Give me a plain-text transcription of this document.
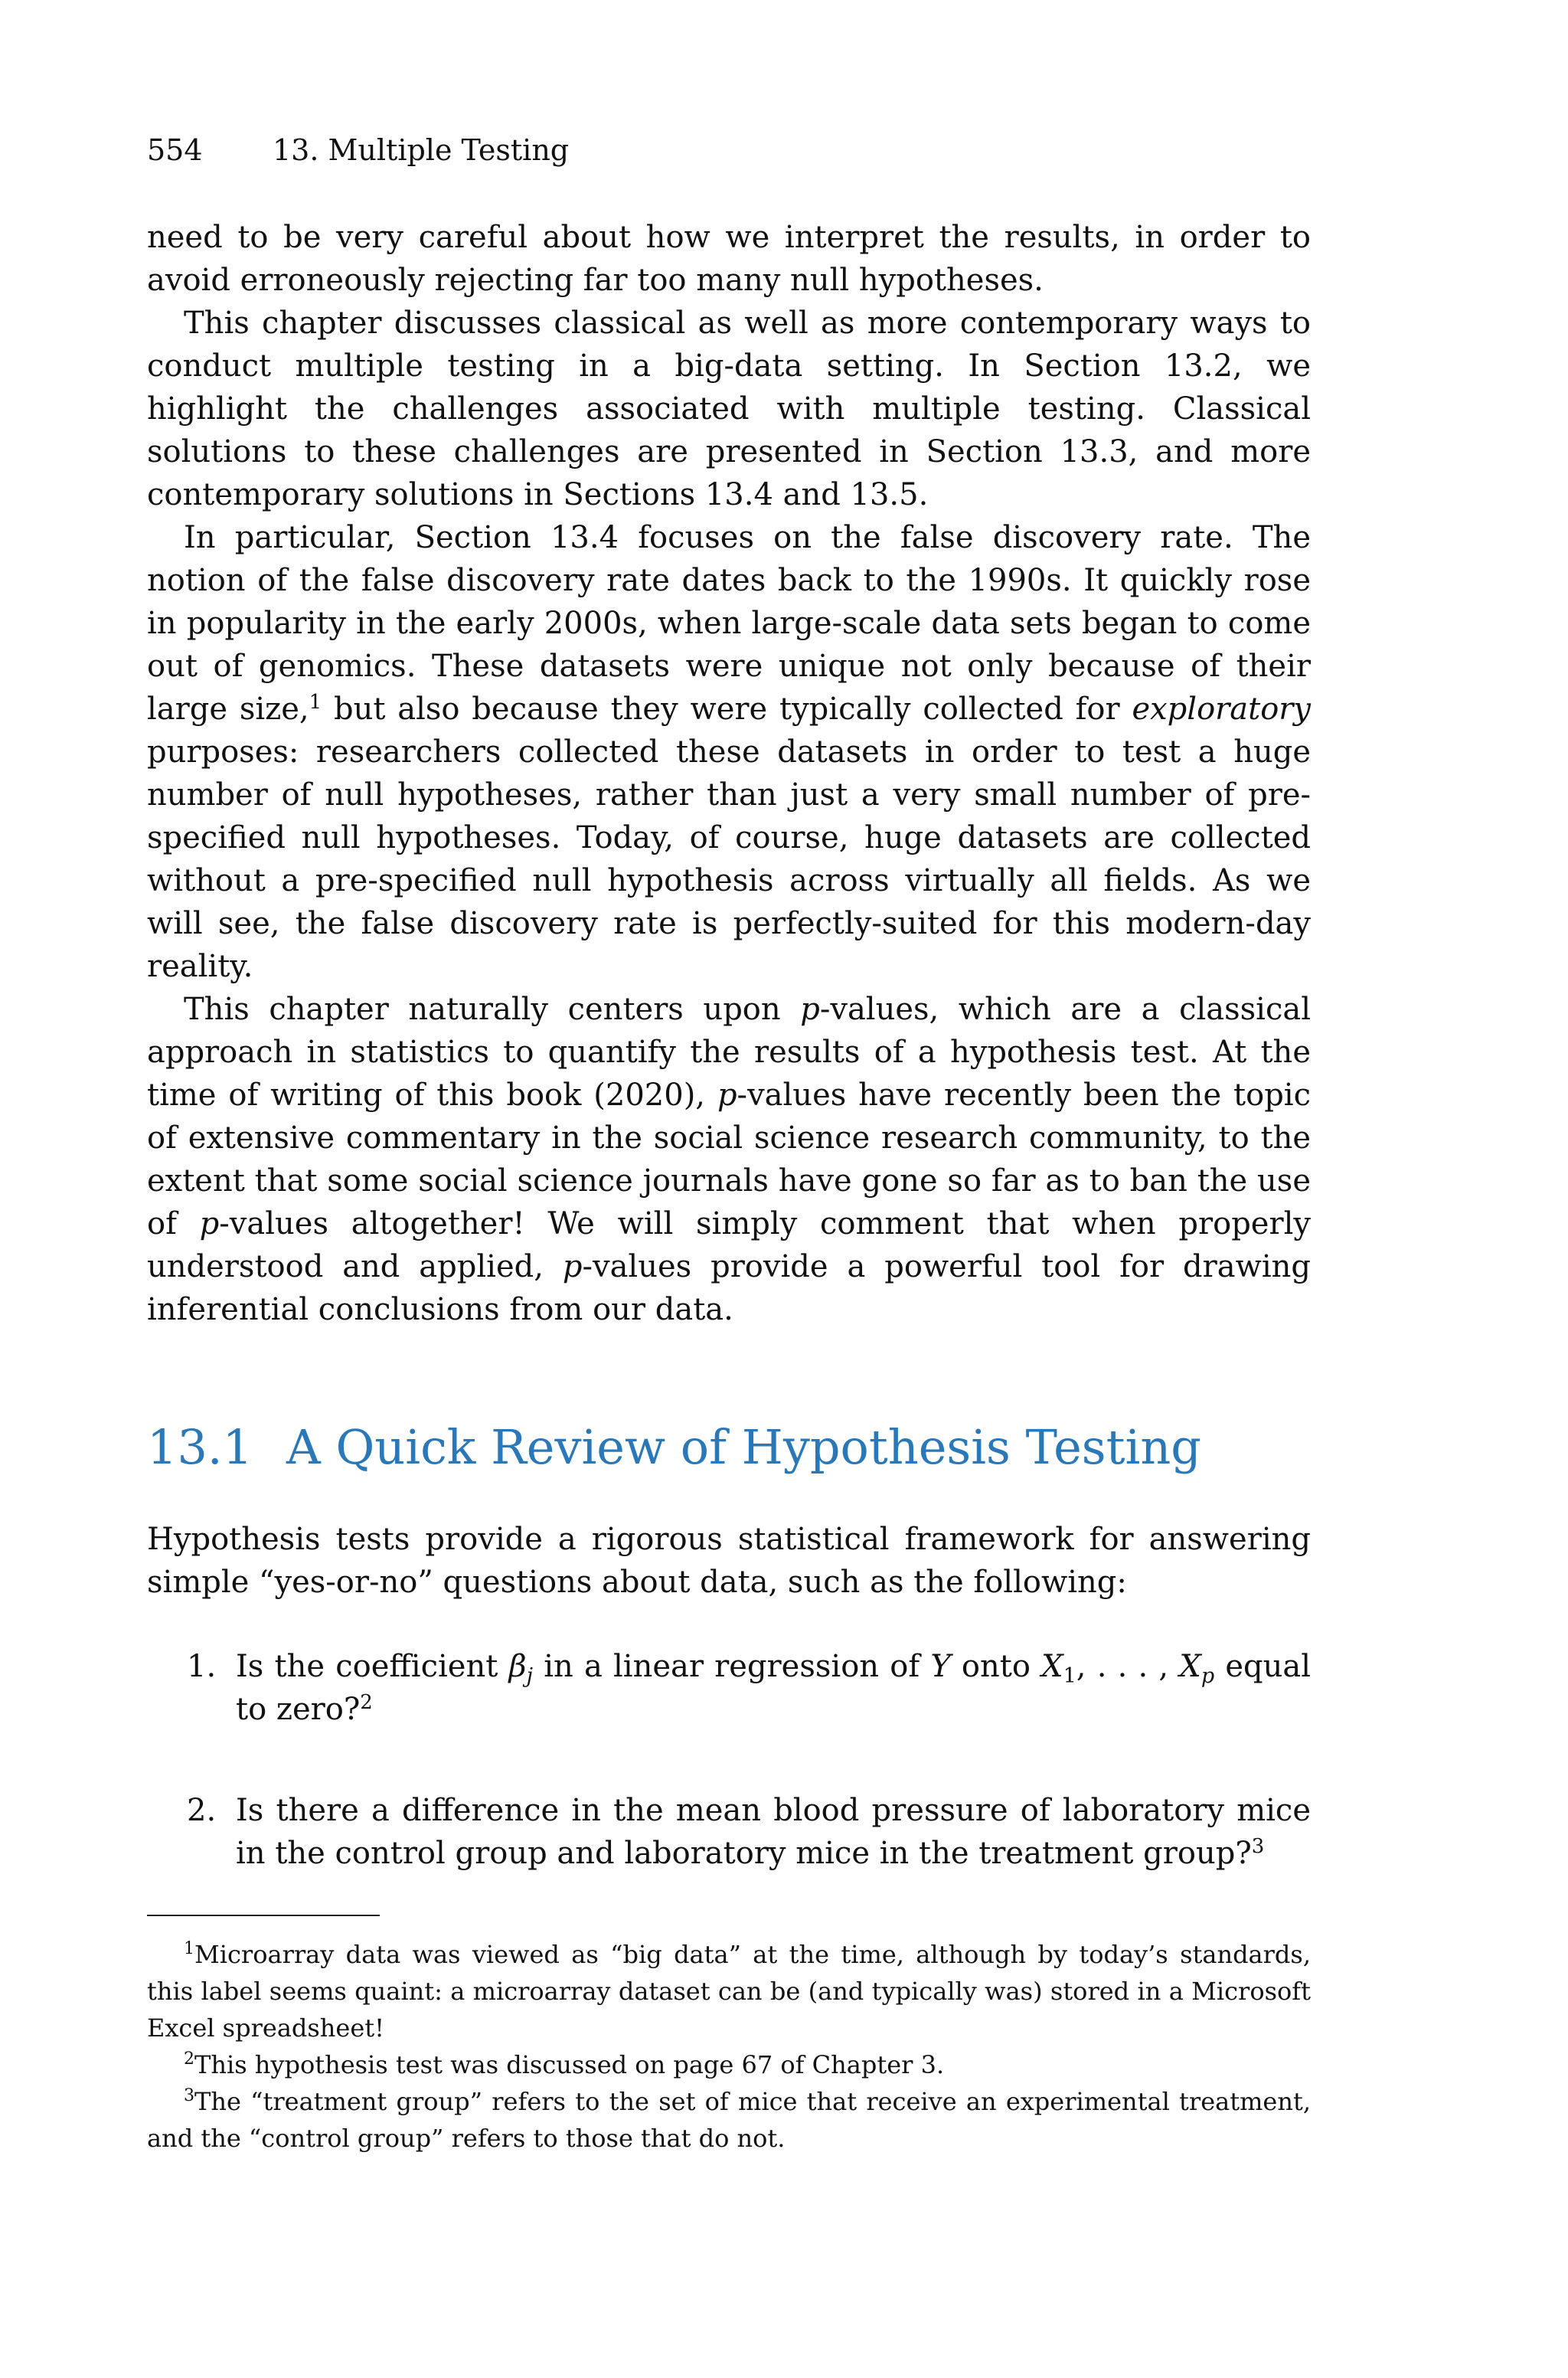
554 13. Multiple Testing

need to be very careful about how we interpret the results, in order to avoid erroneously rejecting far too many null hypotheses.

This chapter discusses classical as well as more contemporary ways to conduct multiple testing in a big-data setting. In Section 13.2, we highlight the challenges associated with multiple testing. Classical solutions to these challenges are presented in Section 13.3, and more contemporary solutions in Sections 13.4 and 13.5.

In particular, Section 13.4 focuses on the false discovery rate. The notion of the false discovery rate dates back to the 1990s. It quickly rose in popularity in the early 2000s, when large-scale data sets began to come out of genomics. These datasets were unique not only because of their large size,$^1$ but also because they were typically collected for exploratory purposes: researchers collected these datasets in order to test a huge number of null hypotheses, rather than just a very small number of pre-specified null hypotheses. Today, of course, huge datasets are collected without a pre-specified null hypothesis across virtually all fields. As we will see, the false discovery rate is perfectly-suited for this modern-day reality.

This chapter naturally centers upon p-values, which are a classical approach in statistics to quantify the results of a hypothesis test. At the time of writing of this book (2020), p-values have recently been the topic of extensive commentary in the social science research community, to the extent that some social science journals have gone so far as to ban the use of p-values altogether! We will simply comment that when properly understood and applied, p-values provide a powerful tool for drawing inferential conclusions from our data.

13.1 A Quick Review of Hypothesis Testing

Hypothesis tests provide a rigorous statistical framework for answering simple “yes-or-no” questions about data, such as the following:

1. Is the coefficient $\beta_j$ in a linear regression of Y onto $X_1$, . . . , $X_p$ equal to zero?$^2$
2. Is there a difference in the mean blood pressure of laboratory mice in the control group and laboratory mice in the treatment group?$^3$

$^1$Microarray data was viewed as “big data” at the time, although by today’s standards, this label seems quaint: a microarray dataset can be (and typically was) stored in a Microsoft Excel spreadsheet!

$^2$This hypothesis test was discussed on page 67 of Chapter 3.

$^3$The “treatment group” refers to the set of mice that receive an experimental treatment, and the “control group” refers to those that do not.
